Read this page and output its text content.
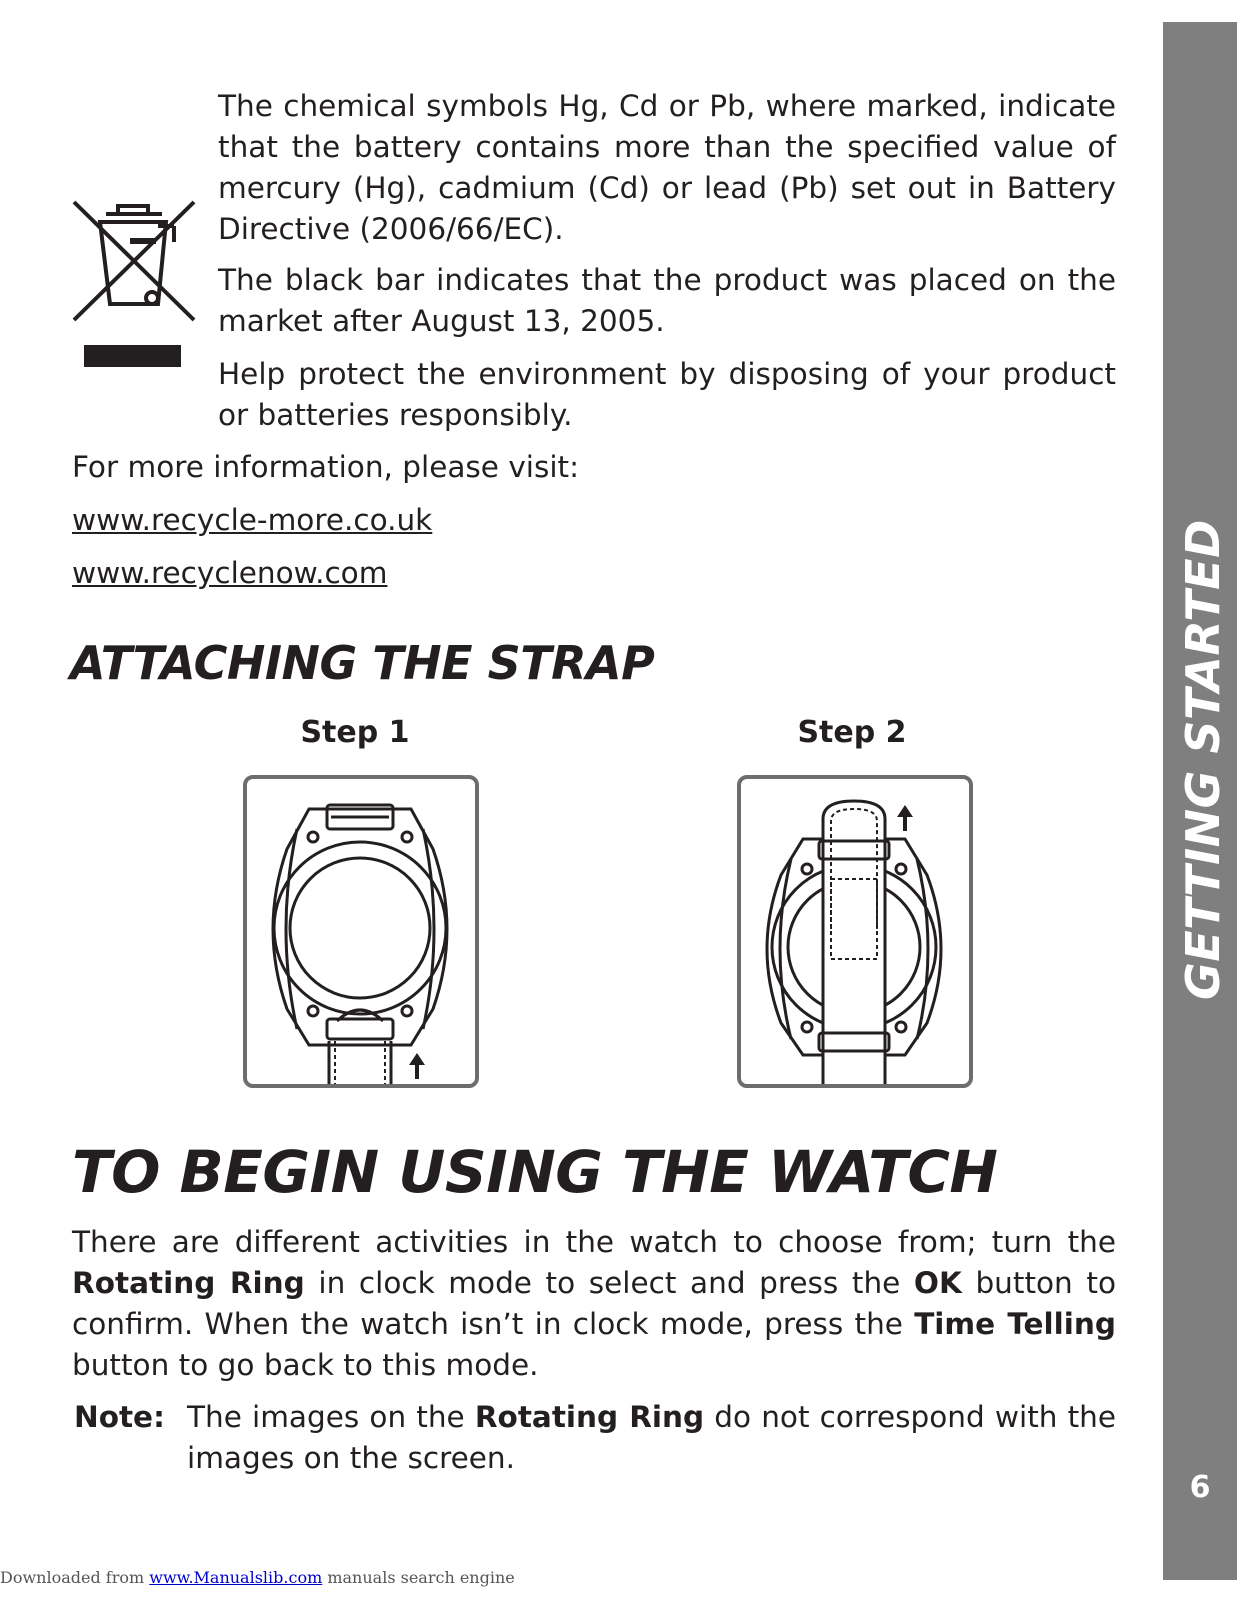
GETTING STARTED
6
The chemical symbols Hg, Cd or Pb, where marked, indicate that the battery contains more than the specified value of mercury (Hg), cadmium (Cd) or lead (Pb) set out in Battery Directive (2006/66/EC).
The black bar indicates that the product was placed on the market after August 13, 2005.
Help protect the environment by disposing of your product or batteries responsibly.
For more information, please visit:
www.recycle-more.co.uk
www.recyclenow.com
ATTACHING THE STRAP
Step 1	Step 2
TO BEGIN USING THE WATCH
There are different activities in the watch to choose from; turn the Rotating Ring in clock mode to select and press the OK button to confirm. When the watch isn’t in clock mode, press the Time Telling button to go back to this mode.
Note: The images on the Rotating Ring do not correspond with the images on the screen.
Downloaded from www.Manualslib.com manuals search engine
